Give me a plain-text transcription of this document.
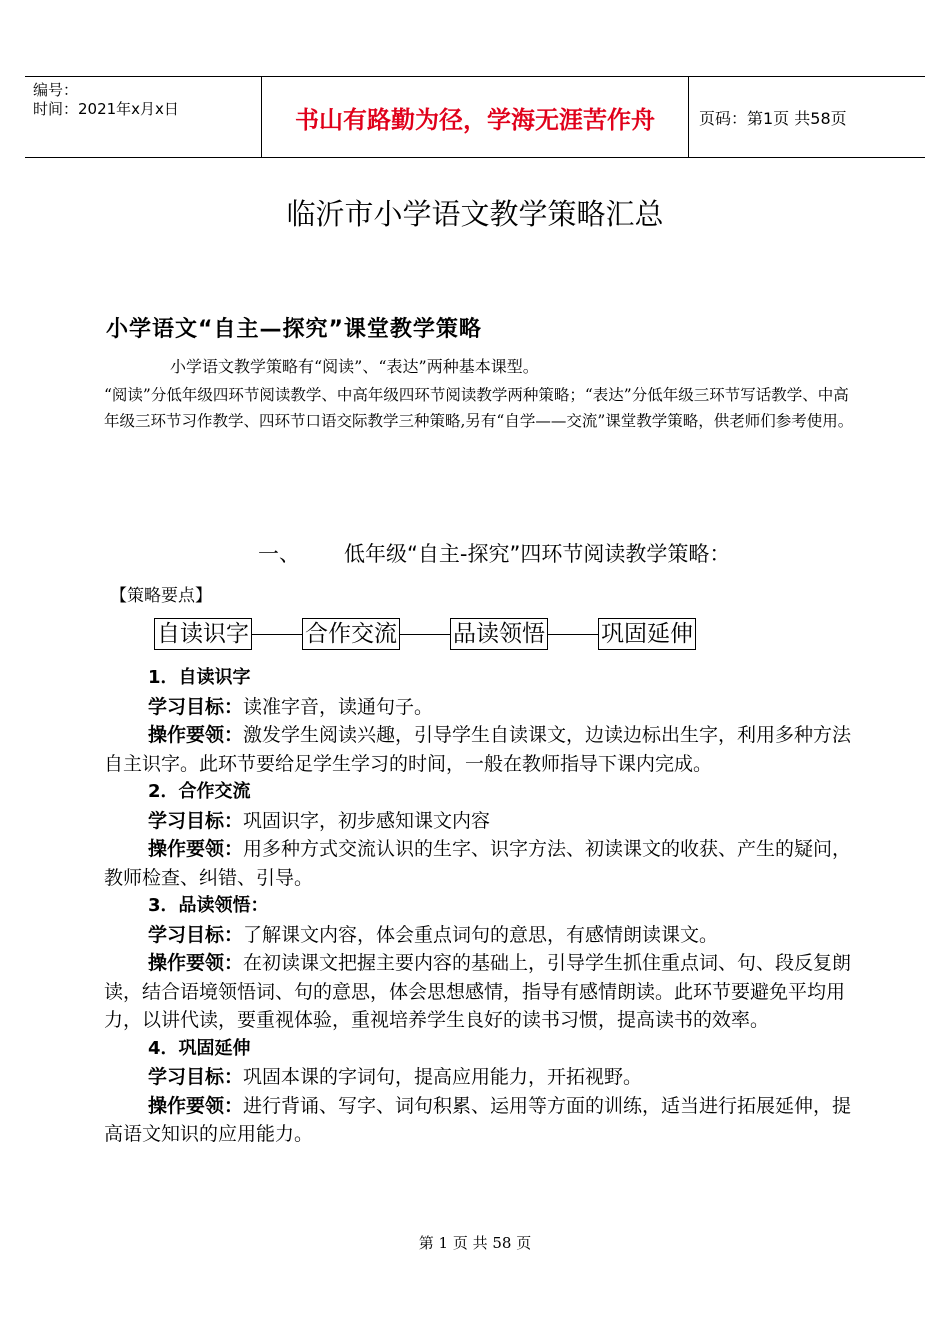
编号：
时间：2021年x月x日	书山有路勤为径，学海无涯苦作舟	页码：第1页 共58页
临沂市小学语文教学策略汇总
小学语文“自主—探究”课堂教学策略
小学语文教学策略有“阅读”、“表达”两种基本课型。
“阅读”分低年级四环节阅读教学、中高年级四环节阅读教学两种策略；“表达”分低年级三环节写话教学、中高年级三环节习作教学、四环节口语交际教学三种策略,另有“自学——交流”课堂教学策略，供老师们参考使用。
一、 低年级“自主-探究”四环节阅读教学策略：
【策略要点】
自读识字 合作交流 品读领悟 巩固延伸

1．自读识字

学习目标：读准字音，读通句子。

操作要领：激发学生阅读兴趣，引导学生自读课文，边读边标出生字，利用多种方法自主识字。此环节要给足学生学习的时间，一般在教师指导下课内完成。

2．合作交流

学习目标：巩固识字，初步感知课文内容

操作要领：用多种方式交流认识的生字、识字方法、初读课文的收获、产生的疑问，教师检查、纠错、引导。

3．品读领悟：

学习目标：了解课文内容，体会重点词句的意思，有感情朗读课文。

操作要领：在初读课文把握主要内容的基础上，引导学生抓住重点词、句、段反复朗读，结合语境领悟词、句的意思，体会思想感情，指导有感情朗读。此环节要避免平均用力，以讲代读，要重视体验，重视培养学生良好的读书习惯，提高读书的效率。

4．巩固延伸

学习目标：巩固本课的字词句，提高应用能力，开拓视野。

操作要领：进行背诵、写字、词句积累、运用等方面的训练，适当进行拓展延伸，提高语文知识的应用能力。

第 1 页 共 58 页
